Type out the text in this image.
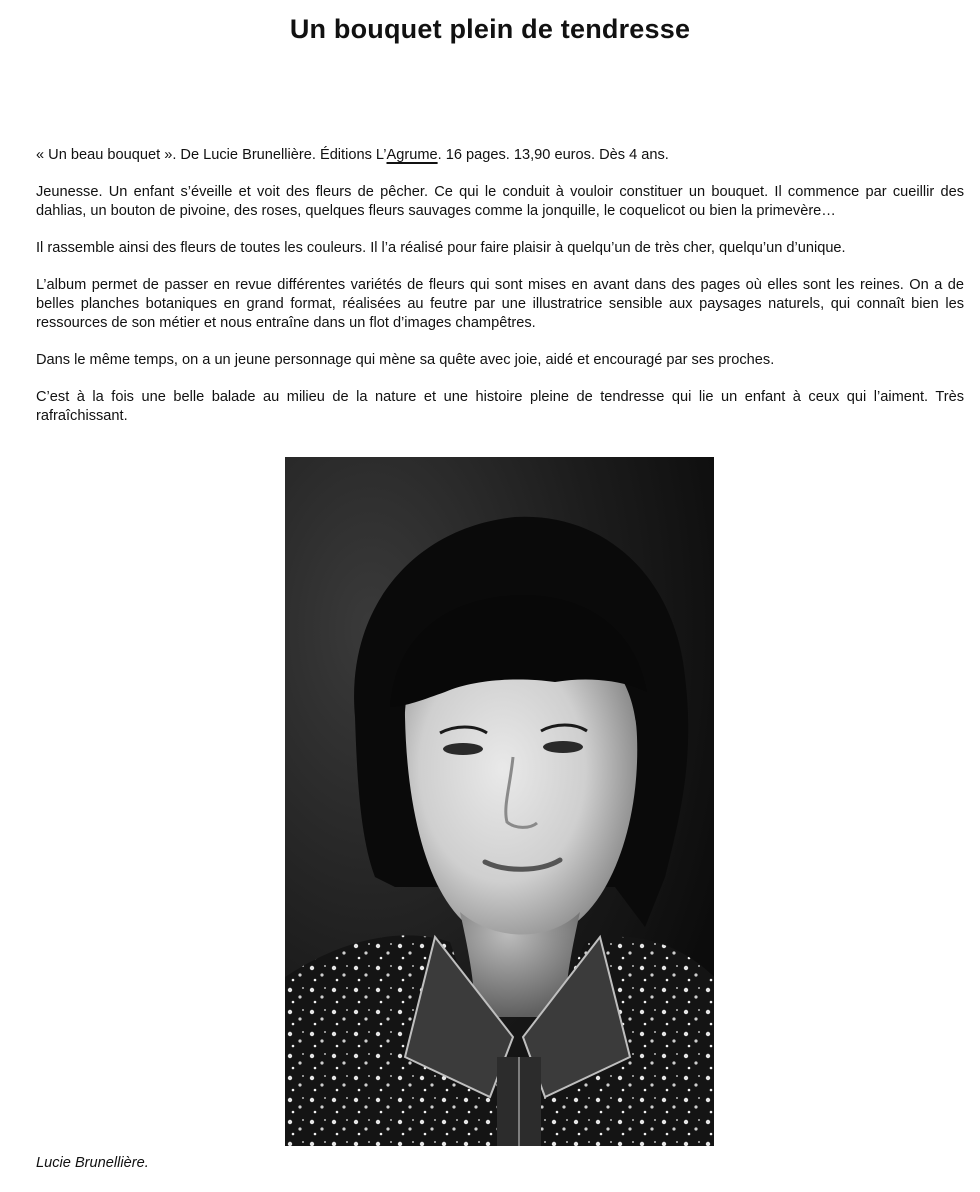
Un bouquet plein de tendresse

« Un beau bouquet ». De Lucie Brunellière. Éditions L’Agrume. 16 pages. 13,90 euros. Dès 4 ans.

Jeunesse. Un enfant s’éveille et voit des fleurs de pêcher. Ce qui le conduit à vouloir constituer un bouquet. Il commence par cueillir des dahlias, un bouton de pivoine, des roses, quelques fleurs sauvages comme la jonquille, le coquelicot ou bien la primevère…

Il rassemble ainsi des fleurs de toutes les couleurs. Il l’a réalisé pour faire plaisir à quelqu’un de très cher, quelqu’un d’unique.

L’album permet de passer en revue différentes variétés de fleurs qui sont mises en avant dans des pages où elles sont les reines. On a de belles planches botaniques en grand format, réalisées au feutre par une illustratrice sensible aux paysages naturels, qui connaît bien les ressources de son métier et nous entraîne dans un flot d’images champêtres.

Dans le même temps, on a un jeune personnage qui mène sa quête avec joie, aidé et encouragé par ses proches.

C’est à la fois une belle balade au milieu de la nature et une histoire pleine de tendresse qui lie un enfant à ceux qui l’aiment. Très rafraîchissant.

Lucie Brunellière.
